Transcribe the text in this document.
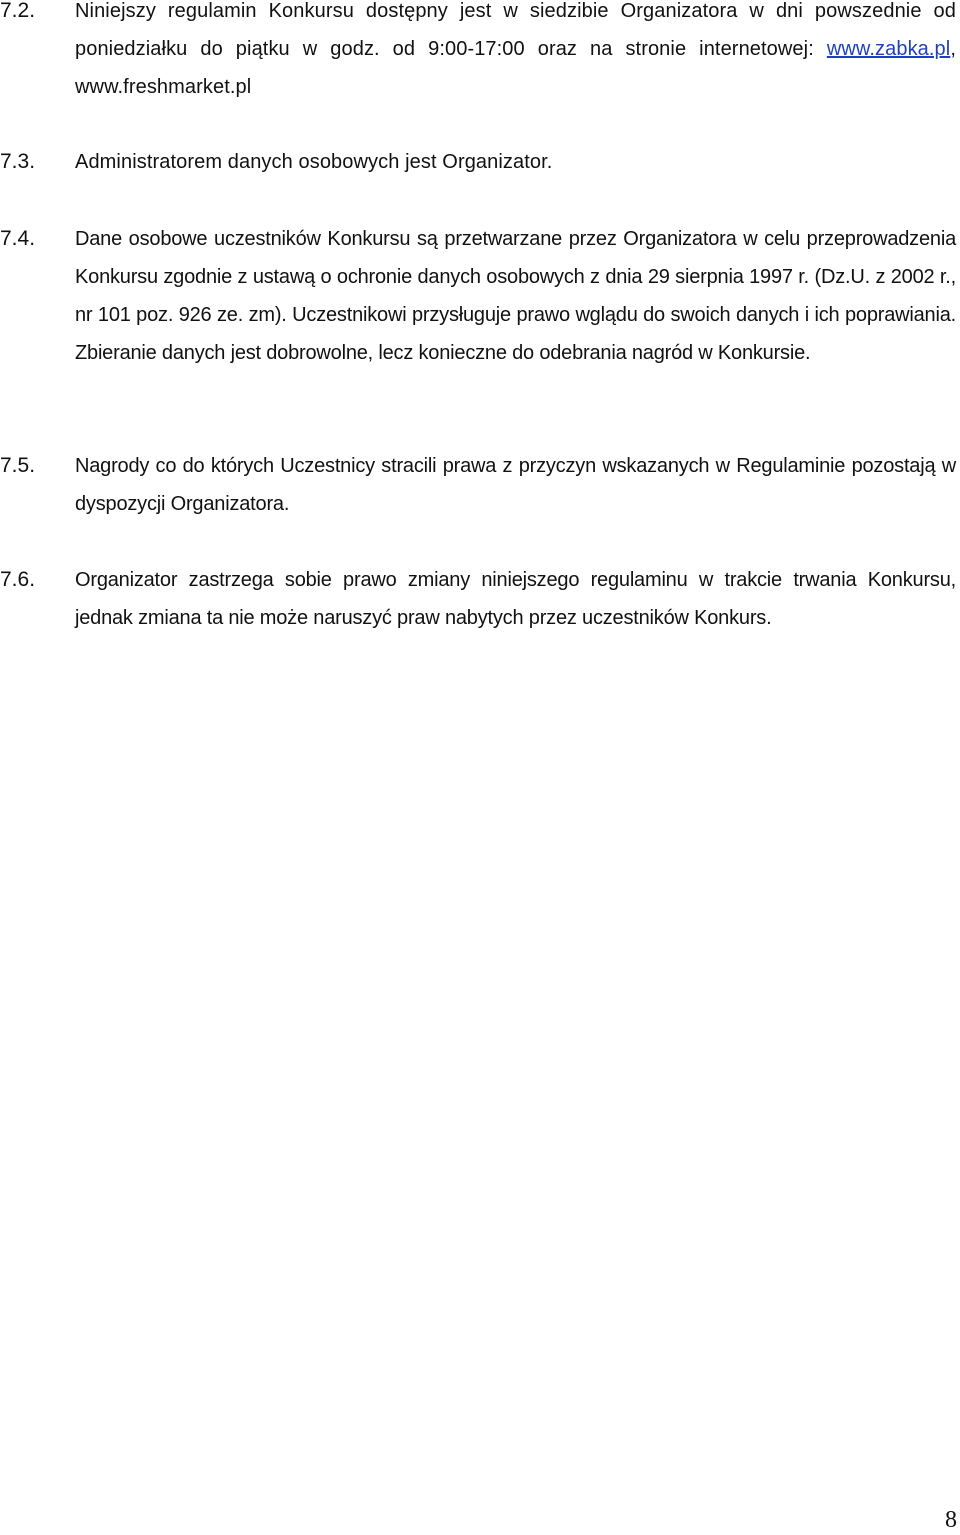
7.2. Niniejszy regulamin Konkursu dostępny jest w siedzibie Organizatora w dni powszednie od poniedziałku do piątku w godz. od 9:00-17:00 oraz na stronie internetowej: www.zabka.pl, www.freshmarket.pl
7.3. Administratorem danych osobowych jest Organizator.
7.4. Dane osobowe uczestników Konkursu są przetwarzane przez Organizatora w celu przeprowadzenia Konkursu zgodnie z ustawą o ochronie danych osobowych z dnia 29 sierpnia 1997 r. (Dz.U. z 2002 r., nr 101 poz. 926 ze. zm). Uczestnikowi przysługuje prawo wglądu do swoich danych i ich poprawiania. Zbieranie danych jest dobrowolne, lecz konieczne do odebrania nagród w Konkursie.
7.5. Nagrody co do których Uczestnicy stracili prawa z przyczyn wskazanych w Regulaminie pozostają w dyspozycji Organizatora.
7.6. Organizator zastrzega sobie prawo zmiany niniejszego regulaminu w trakcie trwania Konkursu, jednak zmiana ta nie może naruszyć praw nabytych przez uczestników Konkurs.
8
